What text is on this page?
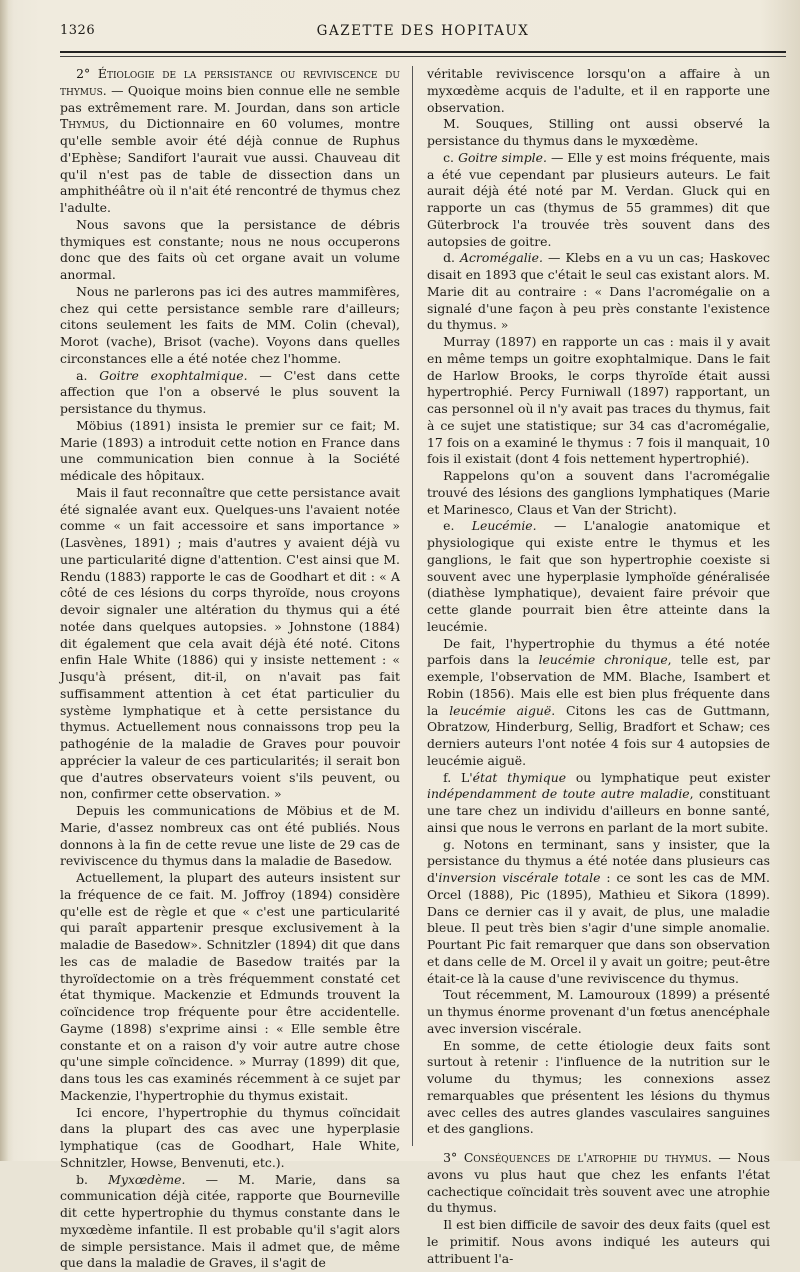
1326	GAZETTE DES HOPITAUX

2° Étiologie de la persistance ou reviviscence du thymus. — Quoique moins bien connue elle ne semble pas extrêmement rare. M. Jourdan, dans son article Thymus, du Dictionnaire en 60 volumes, montre qu'elle semble avoir été déjà connue de Ruphus d'Ephèse; Sandifort l'aurait vue aussi. Chauveau dit qu'il n'est pas de table de dissection dans un amphithéâtre où il n'ait été rencontré de thymus chez l'adulte.

Nous savons que la persistance de débris thymiques est constante; nous ne nous occuperons donc que des faits où cet organe avait un volume anormal.

Nous ne parlerons pas ici des autres mammifères, chez qui cette persistance semble rare d'ailleurs; citons seulement les faits de MM. Colin (cheval), Morot (vache), Brisot (vache). Voyons dans quelles circonstances elle a été notée chez l'homme.

a. Goitre exophtalmique. — C'est dans cette affection que l'on a observé le plus souvent la persistance du thymus.

Möbius (1891) insista le premier sur ce fait; M. Marie (1893) a introduit cette notion en France dans une communication bien connue à la Société médicale des hôpitaux.

Mais il faut reconnaître que cette persistance avait été signalée avant eux. Quelques-uns l'avaient notée comme « un fait accessoire et sans importance » (Lasvènes, 1891) ; mais d'autres y avaient déjà vu une particularité digne d'attention. C'est ainsi que M. Rendu (1883) rapporte le cas de Goodhart et dit : « A côté de ces lésions du corps thyroïde, nous croyons devoir signaler une altération du thymus qui a été notée dans quelques autopsies. » Johnstone (1884) dit également que cela avait déjà été noté. Citons enfin Hale White (1886) qui y insiste nettement : « Jusqu'à présent, dit-il, on n'avait pas fait suffisamment attention à cet état particulier du système lymphatique et à cette persistance du thymus. Actuellement nous connaissons trop peu la pathogénie de la maladie de Graves pour pouvoir apprécier la valeur de ces particularités; il serait bon que d'autres observateurs voient s'ils peuvent, ou non, confirmer cette observation. »

Depuis les communications de Möbius et de M. Marie, d'assez nombreux cas ont été publiés. Nous donnons à la fin de cette revue une liste de 29 cas de reviviscence du thymus dans la maladie de Basedow.

Actuellement, la plupart des auteurs insistent sur la fréquence de ce fait. M. Joffroy (1894) considère qu'elle est de règle et que « c'est une particularité qui paraît appartenir presque exclusivement à la maladie de Basedow». Schnitzler (1894) dit que dans les cas de maladie de Basedow traités par la thyroïdectomie on a très fréquemment constaté cet état thymique. Mackenzie et Edmunds trouvent la coïncidence trop fréquente pour être accidentelle. Gayme (1898) s'exprime ainsi : « Elle semble être constante et on a raison d'y voir autre autre chose qu'une simple coïncidence. » Murray (1899) dit que, dans tous les cas examinés récemment à ce sujet par Mackenzie, l'hypertrophie du thymus existait.

Ici encore, l'hypertrophie du thymus coïncidait dans la plupart des cas avec une hyperplasie lymphatique (cas de Goodhart, Hale White, Schnitzler, Howse, Benvenuti, etc.).

b. Myxœdème. — M. Marie, dans sa communication déjà citée, rapporte que Bourneville dit cette hypertrophie du thymus constante dans le myxœdème infantile. Il est probable qu'il s'agit alors de simple persistance. Mais il admet que, de même que dans la maladie de Graves, il s'agit de

véritable reviviscence lorsqu'on a affaire à un myxœdème acquis de l'adulte, et il en rapporte une observation.

M. Souques, Stilling ont aussi observé la persistance du thymus dans le myxœdème.

c. Goitre simple. — Elle y est moins fréquente, mais a été vue cependant par plusieurs auteurs. Le fait aurait déjà été noté par M. Verdan. Gluck qui en rapporte un cas (thymus de 55 grammes) dit que Güterbrock l'a trouvée très souvent dans des autopsies de goitre.

d. Acromégalie. — Klebs en a vu un cas; Haskovec disait en 1893 que c'était le seul cas existant alors. M. Marie dit au contraire : « Dans l'acromégalie on a signalé d'une façon à peu près constante l'existence du thymus. »

Murray (1897) en rapporte un cas : mais il y avait en même temps un goitre exophtalmique. Dans le fait de Harlow Brooks, le corps thyroïde était aussi hypertrophié. Percy Furniwall (1897) rapportant, un cas personnel où il n'y avait pas traces du thymus, fait à ce sujet une statistique; sur 34 cas d'acromégalie, 17 fois on a examiné le thymus : 7 fois il manquait, 10 fois il existait (dont 4 fois nettement hypertrophié).

Rappelons qu'on a souvent dans l'acromégalie trouvé des lésions des ganglions lymphatiques (Marie et Marinesco, Claus et Van der Stricht).

e. Leucémie. — L'analogie anatomique et physiologique qui existe entre le thymus et les ganglions, le fait que son hypertrophie coexiste si souvent avec une hyperplasie lymphoïde généralisée (diathèse lymphatique), devaient faire prévoir que cette glande pourrait bien être atteinte dans la leucémie.

De fait, l'hypertrophie du thymus a été notée parfois dans la leucémie chronique, telle est, par exemple, l'observation de MM. Blache, Isambert et Robin (1856). Mais elle est bien plus fréquente dans la leucémie aiguë. Citons les cas de Guttmann, Obratzow, Hinderburg, Sellig, Bradfort et Schaw; ces derniers auteurs l'ont notée 4 fois sur 4 autopsies de leucémie aiguë.

f. L'état thymique ou lymphatique peut exister indépendamment de toute autre maladie, constituant une tare chez un individu d'ailleurs en bonne santé, ainsi que nous le verrons en parlant de la mort subite.

g. Notons en terminant, sans y insister, que la persistance du thymus a été notée dans plusieurs cas d'inversion viscérale totale : ce sont les cas de MM. Orcel (1888), Pic (1895), Mathieu et Sikora (1899). Dans ce dernier cas il y avait, de plus, une maladie bleue. Il peut très bien s'agir d'une simple anomalie. Pourtant Pic fait remarquer que dans son observation et dans celle de M. Orcel il y avait un goitre; peut-être était-ce là la cause d'une reviviscence du thymus.

Tout récemment, M. Lamouroux (1899) a présenté un thymus énorme provenant d'un fœtus anencéphale avec inversion viscérale.

En somme, de cette étiologie deux faits sont surtout à retenir : l'influence de la nutrition sur le volume du thymus; les connexions assez remarquables que présentent les lésions du thymus avec celles des autres glandes vasculaires sanguines et des ganglions.

3° Conséquences de l'atrophie du thymus. — Nous avons vu plus haut que chez les enfants l'état cachectique coïncidait très souvent avec une atrophie du thymus.

Il est bien difficile de savoir des deux faits (quel est le primitif. Nous avons indiqué les auteurs qui attribuent l'a-
